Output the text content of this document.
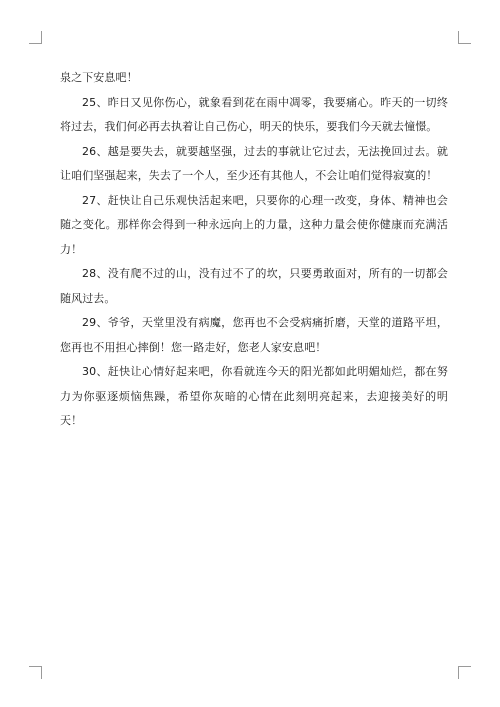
泉之下安息吧！

25、昨日又见你伤心，就象看到花在雨中凋零，我要痛心。昨天的一切终将过去，我们何必再去执着让自己伤心，明天的快乐，要我们今天就去憧憬。

26、越是要失去，就要越坚强，过去的事就让它过去，无法挽回过去。就让咱们坚强起来，失去了一个人，至少还有其他人，不会让咱们觉得寂寞的！

27、赶快让自己乐观快活起来吧，只要你的心理一改变，身体、精神也会随之变化。那样你会得到一种永远向上的力量，这种力量会使你健康而充满活力！

28、没有爬不过的山，没有过不了的坎，只要勇敢面对，所有的一切都会随风过去。

29、爷爷，天堂里没有病魔，您再也不会受病痛折磨，天堂的道路平坦，您再也不用担心摔倒！您一路走好，您老人家安息吧！

30、赶快让心情好起来吧，你看就连今天的阳光都如此明媚灿烂，都在努力为你驱逐烦恼焦躁，希望你灰暗的心情在此刻明亮起来，去迎接美好的明天！
